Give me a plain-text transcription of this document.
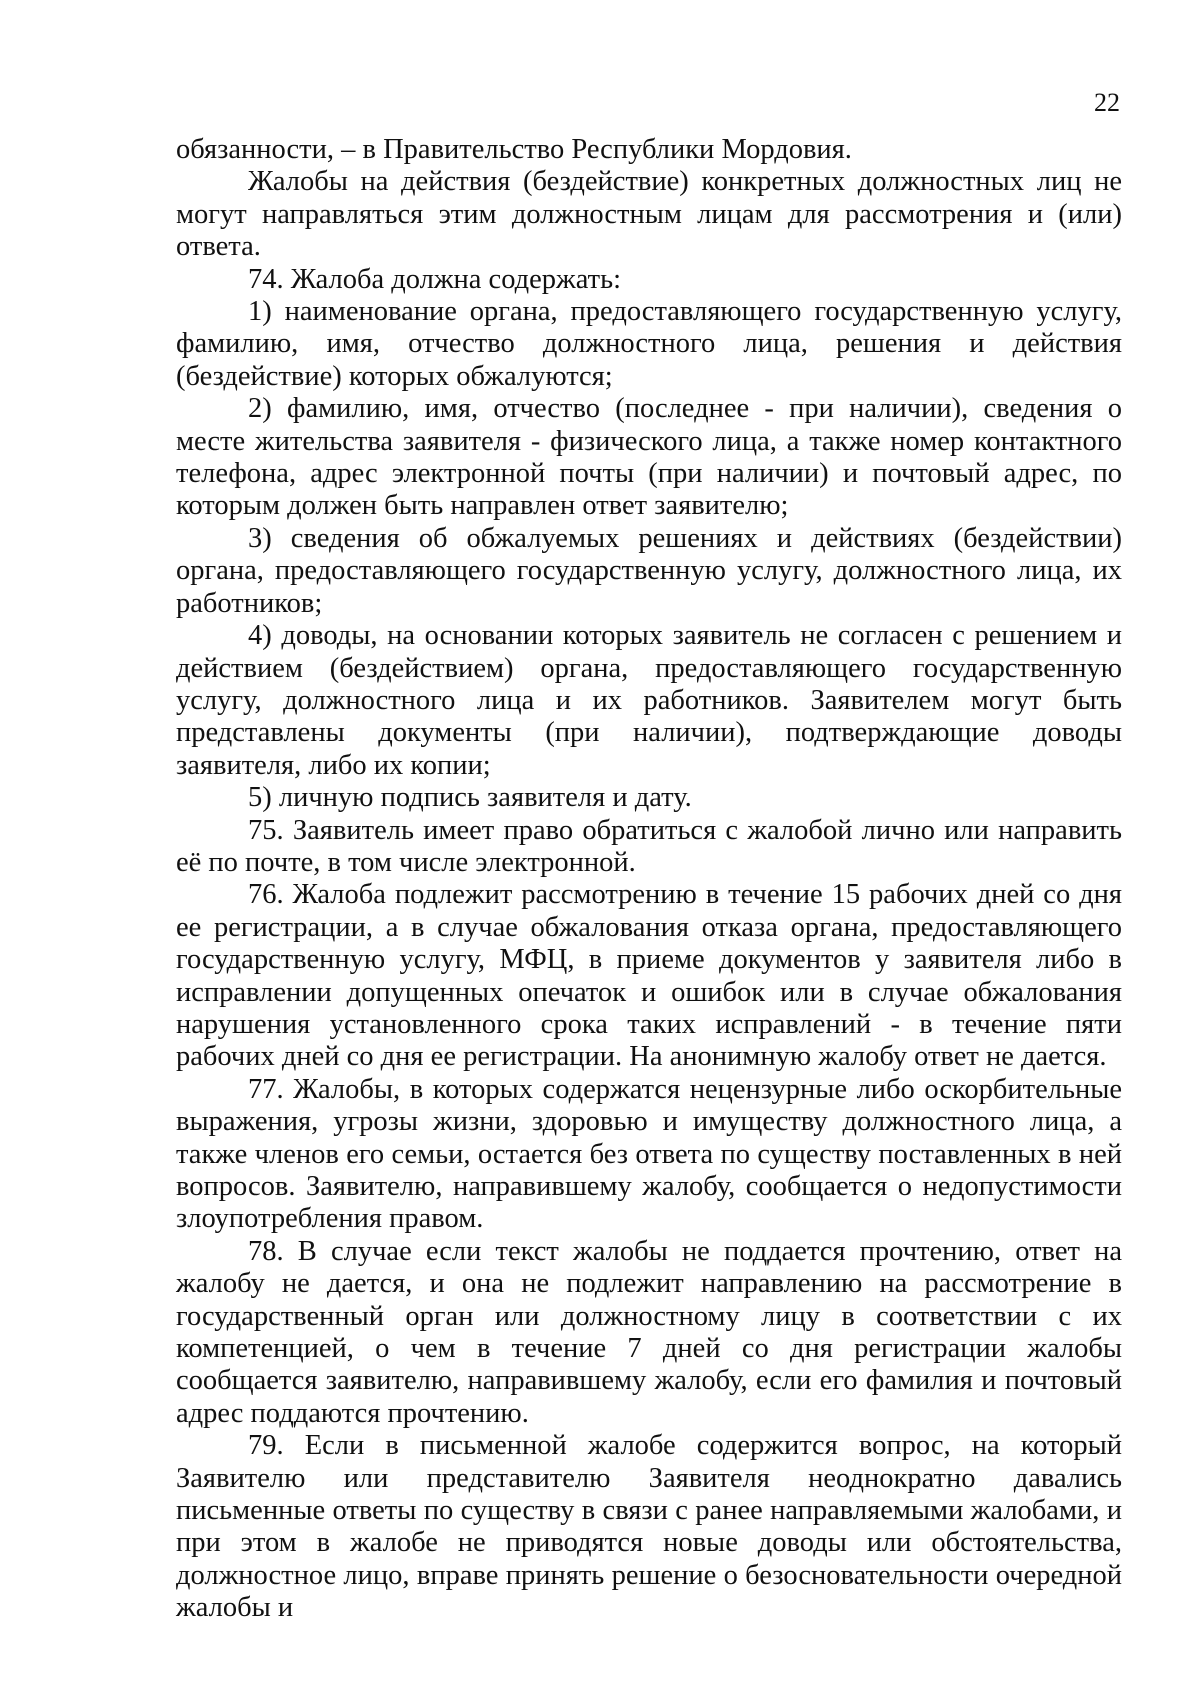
22

обязанности, – в Правительство Республики Мордовия.

Жалобы на действия (бездействие) конкретных должностных лиц не могут направляться этим должностным лицам для рассмотрения и (или) ответа.

74. Жалоба должна содержать:

1) наименование органа, предоставляющего государственную услугу, фамилию, имя, отчество должностного лица, решения и действия (бездействие) которых обжалуются;

2) фамилию, имя, отчество (последнее - при наличии), сведения о месте жительства заявителя - физического лица, а также номер контактного телефона, адрес электронной почты (при наличии) и почтовый адрес, по которым должен быть направлен ответ заявителю;

3) сведения об обжалуемых решениях и действиях (бездействии) органа, предоставляющего государственную услугу, должностного лица, их работников;

4) доводы, на основании которых заявитель не согласен с решением и действием (бездействием) органа, предоставляющего государственную услугу, должностного лица и их работников. Заявителем могут быть представлены документы (при наличии), подтверждающие доводы заявителя, либо их копии;

5) личную подпись заявителя и дату.

75. Заявитель имеет право обратиться с жалобой лично или направить её по почте, в том числе электронной.

76. Жалоба подлежит рассмотрению в течение 15 рабочих дней со дня ее регистрации, а в случае обжалования отказа органа, предоставляющего государственную услугу, МФЦ, в приеме документов у заявителя либо в исправлении допущенных опечаток и ошибок или в случае обжалования нарушения установленного срока таких исправлений - в течение пяти рабочих дней со дня ее регистрации. На анонимную жалобу ответ не дается.

77. Жалобы, в которых содержатся нецензурные либо оскорбительные выражения, угрозы жизни, здоровью и имуществу должностного лица, а также членов его семьи, остается без ответа по существу поставленных в ней вопросов. Заявителю, направившему жалобу, сообщается о недопустимости злоупотребления правом.

78. В случае если текст жалобы не поддается прочтению, ответ на жалобу не дается, и она не подлежит направлению на рассмотрение в государственный орган или должностному лицу в соответствии с их компетенцией, о чем в течение 7 дней со дня регистрации жалобы сообщается заявителю, направившему жалобу, если его фамилия и почтовый адрес поддаются прочтению.

79. Если в письменной жалобе содержится вопрос, на который Заявителю или представителю Заявителя неоднократно давались письменные ответы по существу в связи с ранее направляемыми жалобами, и при этом в жалобе не приводятся новые доводы или обстоятельства, должностное лицо, вправе принять решение о безосновательности очередной жалобы и
